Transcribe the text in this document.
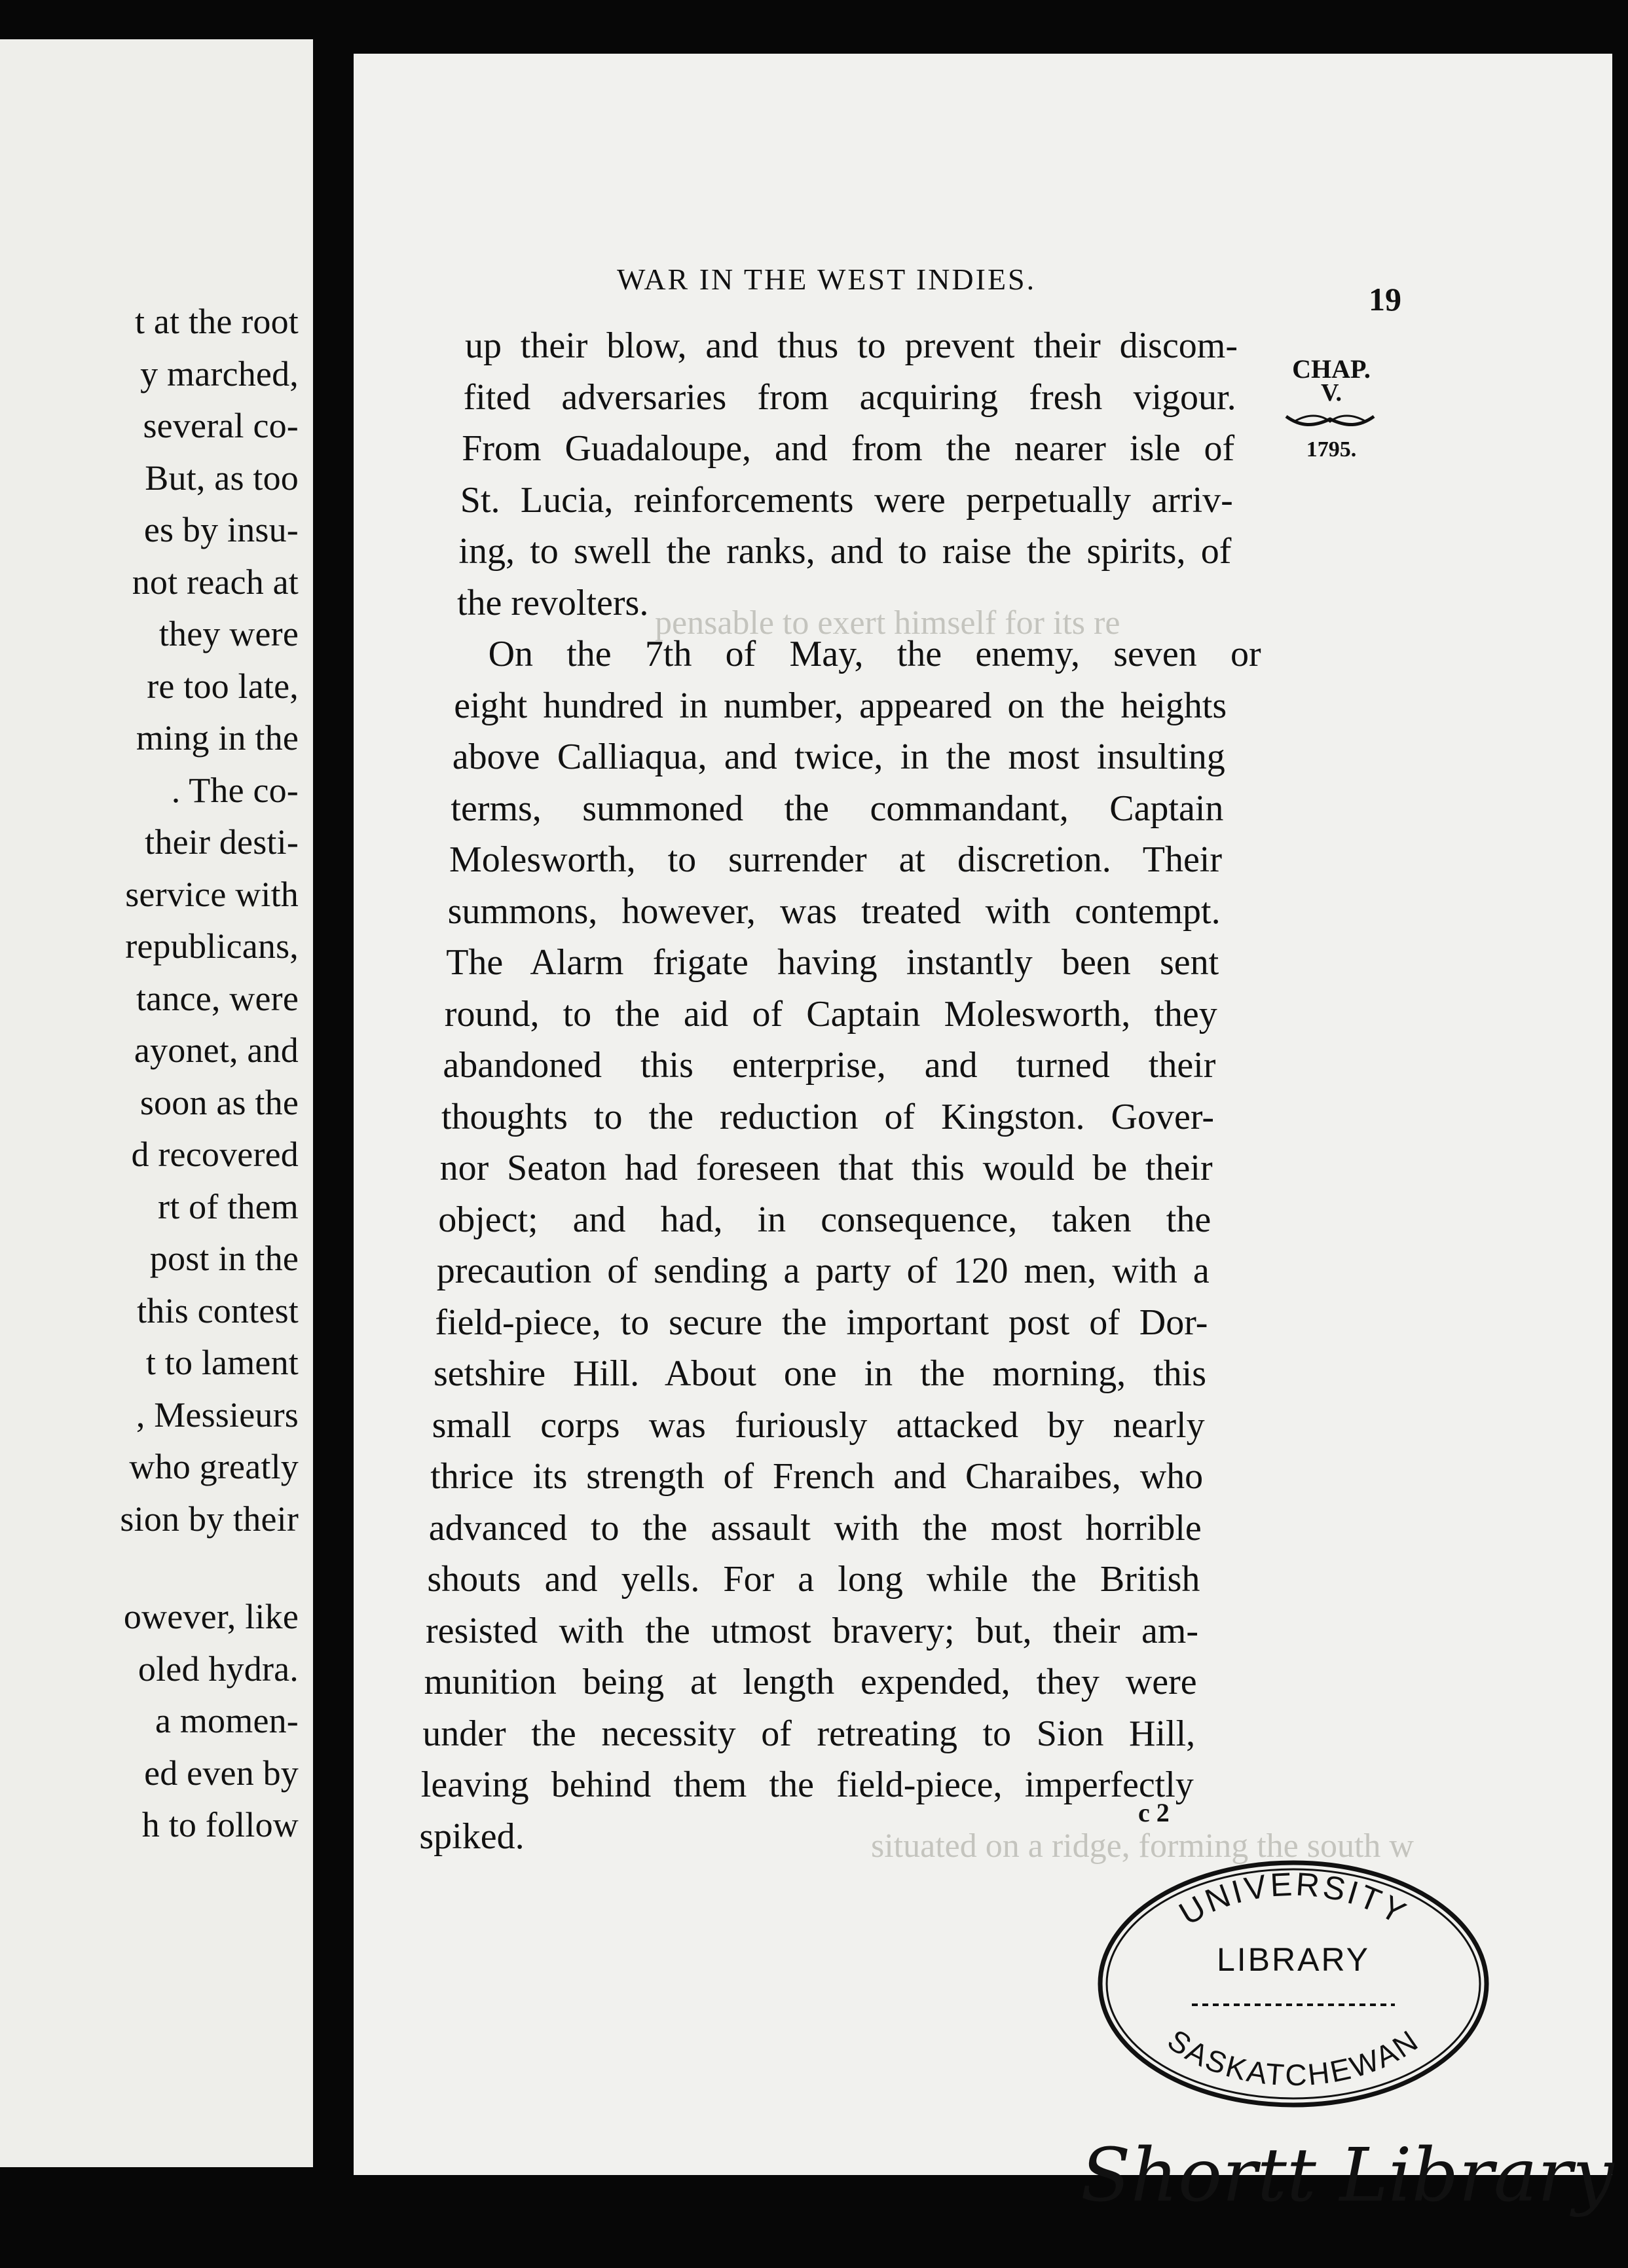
t at the root
y marched,
several co-
But, as too
es by insu-
not reach at
they were
re too late,
ming in the
. The co-
their desti-
service with
republicans,
tance, were
ayonet, and
soon as the
d recovered
rt of them
post in the
this contest
t to lament
, Messieurs
who greatly
sion by their
owever, like
oled hydra.
a momen-
ed even by
h to follow
WAR IN THE WEST INDIES.
19
CHAP.
V.
1795.
up their blow, and thus to prevent their discom-
fited adversaries from acquiring fresh vigour.
From Guadaloupe, and from the nearer isle of
St. Lucia, reinforcements were perpetually arriv-
ing, to swell the ranks, and to raise the spirits, of
the revolters.
On the 7th of May, the enemy, seven or
eight hundred in number, appeared on the heights
above Calliaqua, and twice, in the most insulting
terms, summoned the commandant, Captain
Molesworth, to surrender at discretion. Their
summons, however, was treated with contempt.
The Alarm frigate having instantly been sent
round, to the aid of Captain Molesworth, they
abandoned this enterprise, and turned their
thoughts to the reduction of Kingston. Gover-
nor Seaton had foreseen that this would be their
object; and had, in consequence, taken the
precaution of sending a party of 120 men, with a
field-piece, to secure the important post of Dor-
setshire Hill. About one in the morning, this
small corps was furiously attacked by nearly
thrice its strength of French and Charaibes, who
advanced to the assault with the most horrible
shouts and yells. For a long while the British
resisted with the utmost bravery; but, their am-
munition being at length expended, they were
under the necessity of retreating to Sion Hill,
leaving behind them the field-piece, imperfectly
spiked.
pensable to exert himself for its re
situated on a ridge, forming the south w
c 2
UNIVERSITY
LIBRARY
SASKATCHEWAN
Shortt Library
